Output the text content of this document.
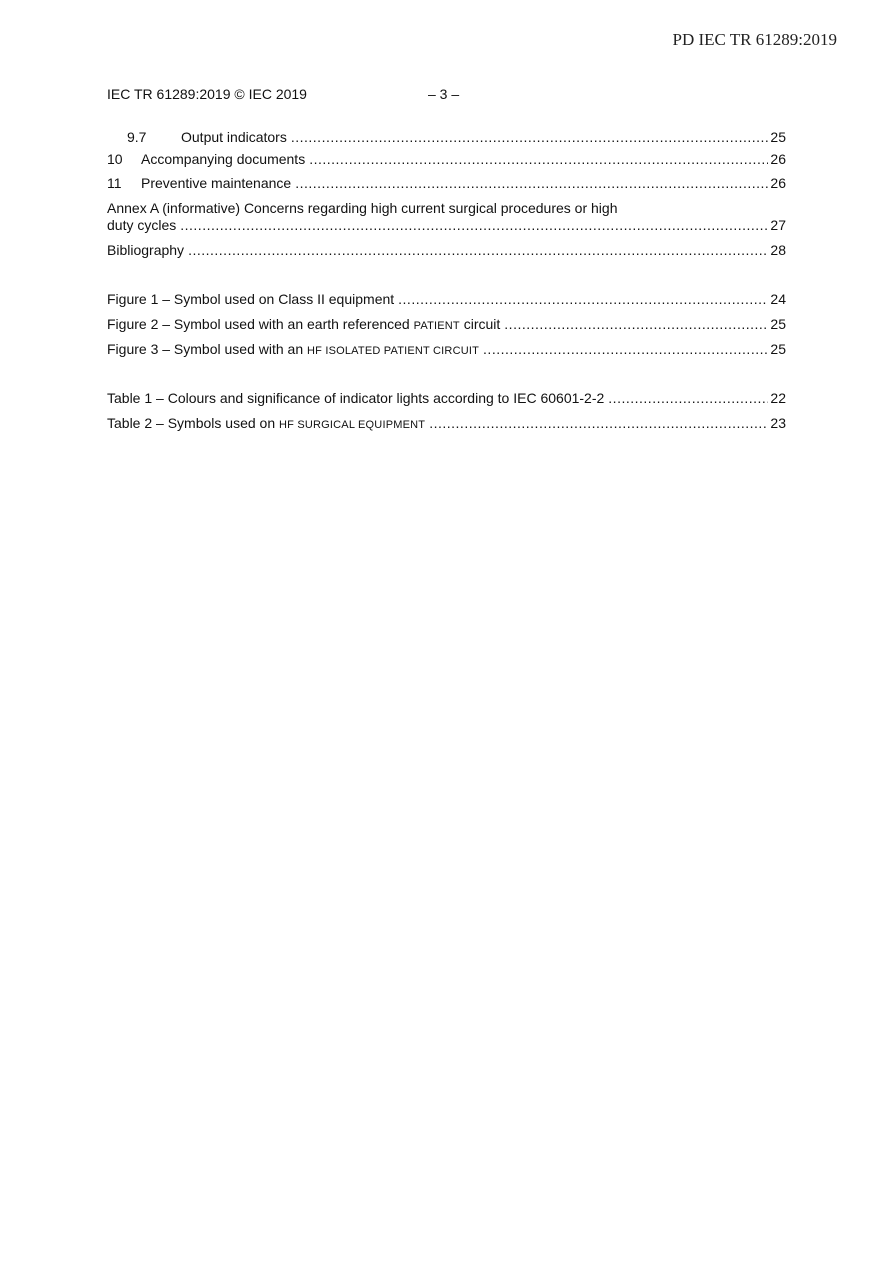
PD IEC TR 61289:2019
IEC TR 61289:2019 © IEC 2019	– 3 –
9.7	Output indicators .....	25
10	Accompanying documents .....	26
11	Preventive maintenance .....	26
Annex A (informative) Concerns regarding high current surgical procedures or high
duty cycles .....	27
Bibliography .....	28
Figure 1 – Symbol used on Class II equipment .....	24
Figure 2 – Symbol used with an earth referenced PATIENT circuit .....	25
Figure 3 – Symbol used with an HF ISOLATED PATIENT CIRCUIT .....	25
Table 1 – Colours and significance of indicator lights according to IEC 60601-2-2 .....	22
Table 2 – Symbols used on HF SURGICAL EQUIPMENT .....	23
